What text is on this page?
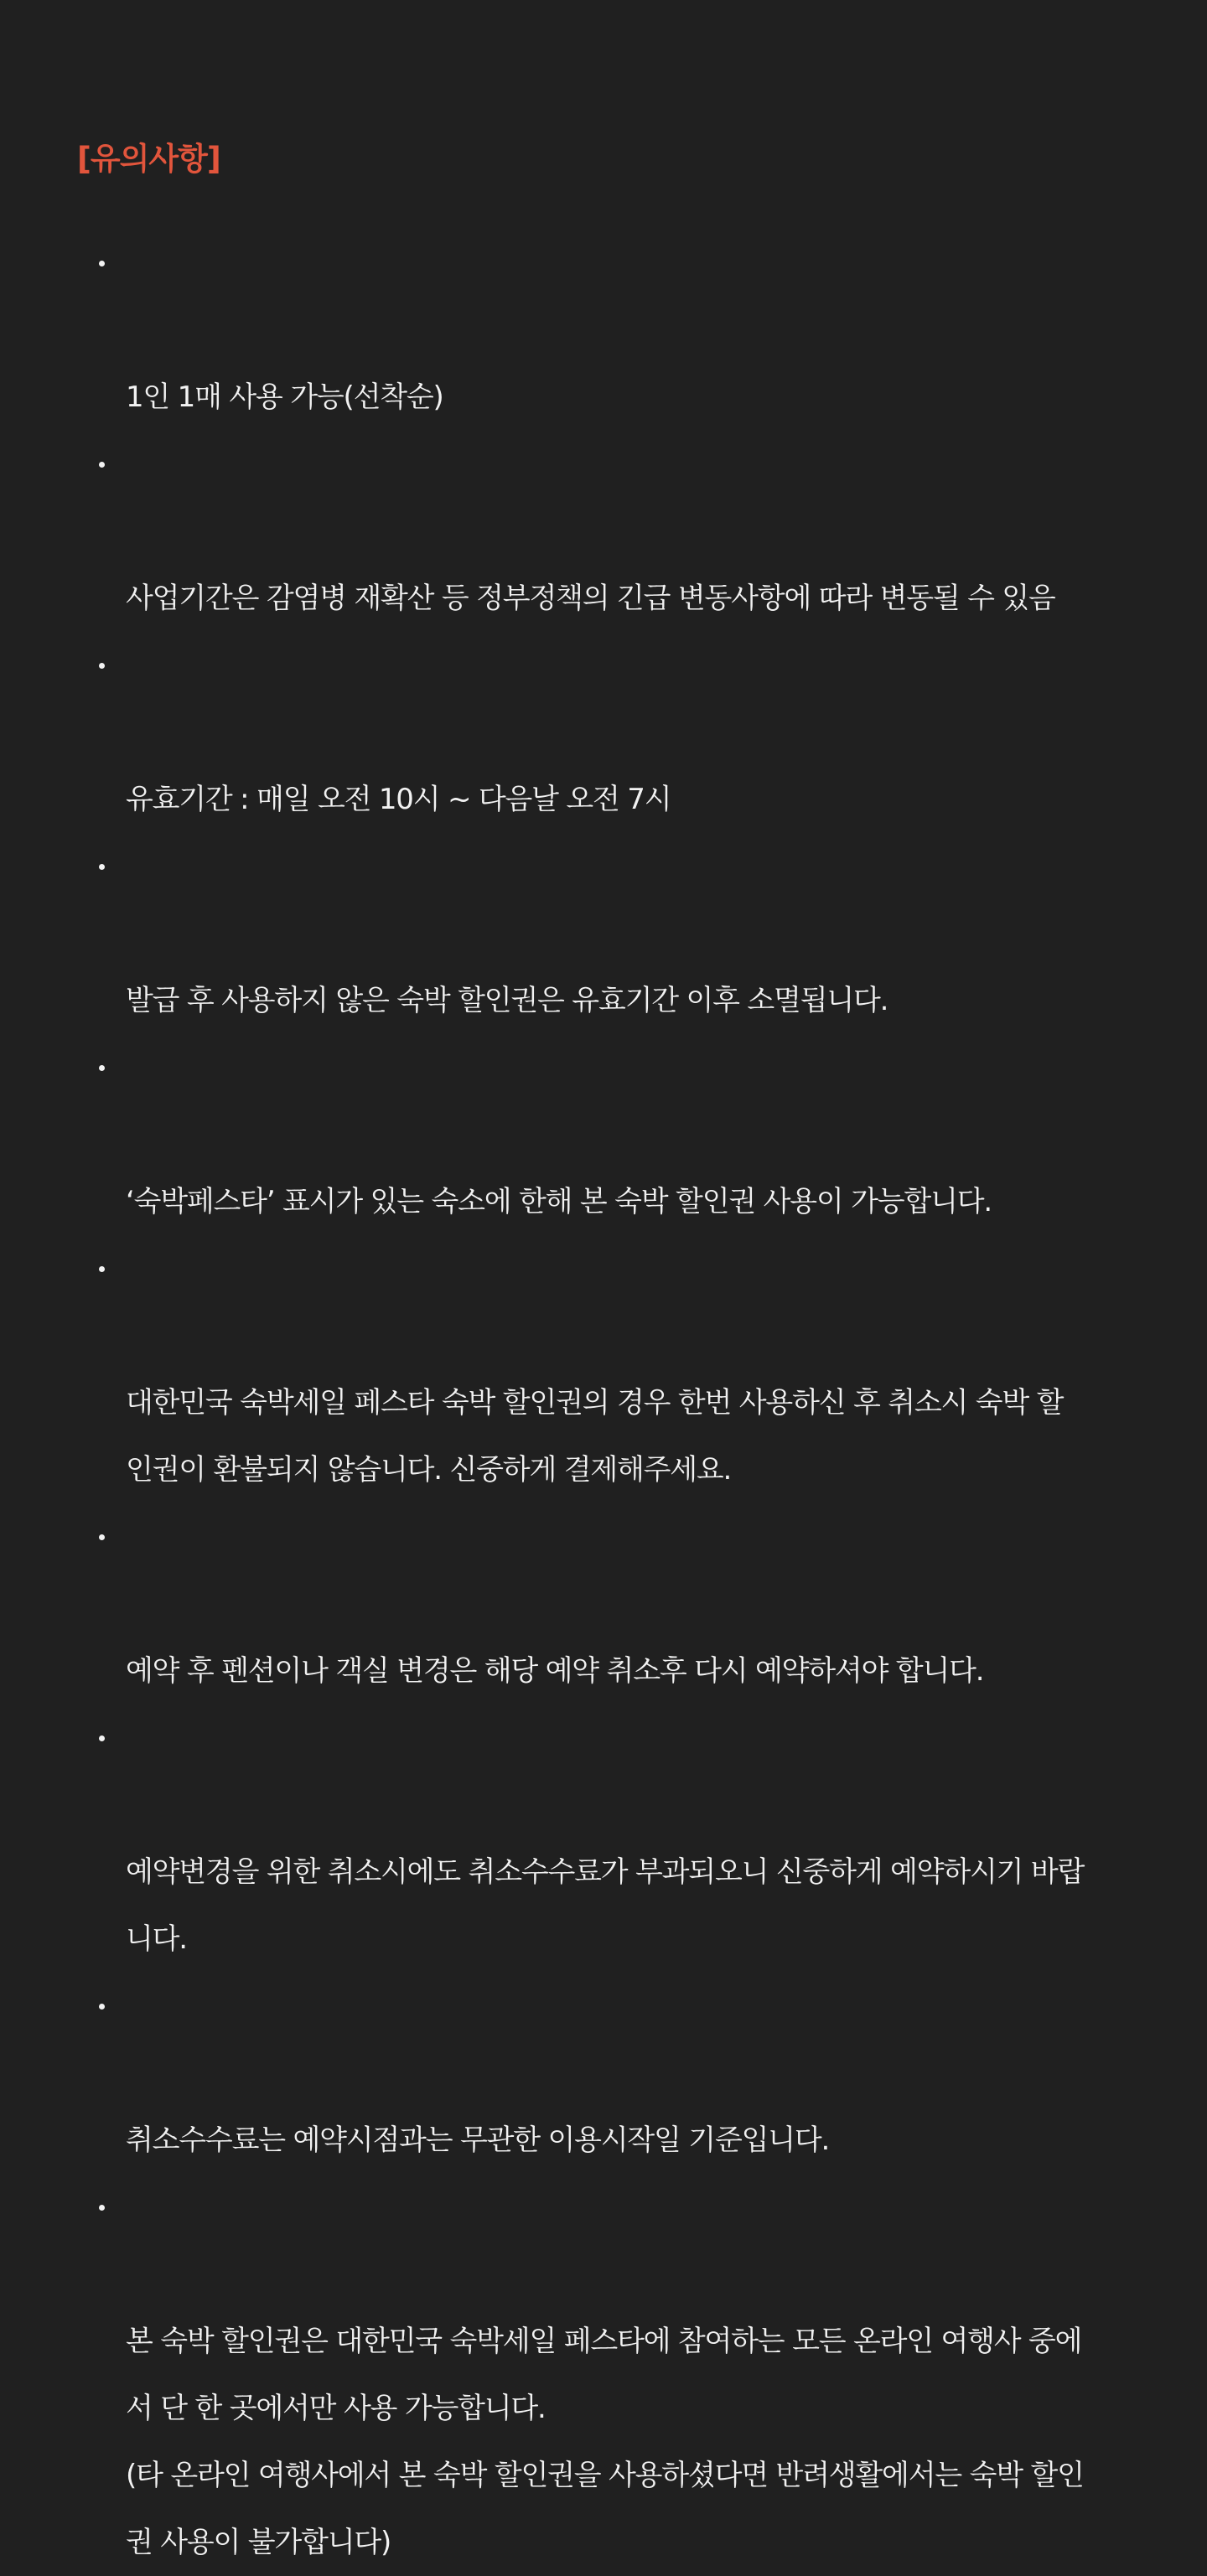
[유의사항]

1인 1매 사용 가능(선착순)

사업기간은 감염병 재확산 등 정부정책의 긴급 변동사항에 따라 변동될 수 있음

유효기간 : 매일 오전 10시 ~ 다음날 오전 7시

발급 후 사용하지 않은 숙박 할인권은 유효기간 이후 소멸됩니다.

‘숙박페스타’ 표시가 있는 숙소에 한해 본 숙박 할인권 사용이 가능합니다.

대한민국 숙박세일 페스타 숙박 할인권의 경우 한번 사용하신 후 취소시 숙박 할
인권이 환불되지 않습니다. 신중하게 결제해주세요.

예약 후 펜션이나 객실 변경은 해당 예약 취소후 다시 예약하셔야 합니다.

예약변경을 위한 취소시에도 취소수수료가 부과되오니 신중하게 예약하시기 바랍
니다.

취소수수료는 예약시점과는 무관한 이용시작일 기준입니다.

본 숙박 할인권은 대한민국 숙박세일 페스타에 참여하는 모든 온라인 여행사 중에
서 단 한 곳에서만 사용 가능합니다.
(타 온라인 여행사에서 본 숙박 할인권을 사용하셨다면 반려생활에서는 숙박 할인
권 사용이 불가합니다)
